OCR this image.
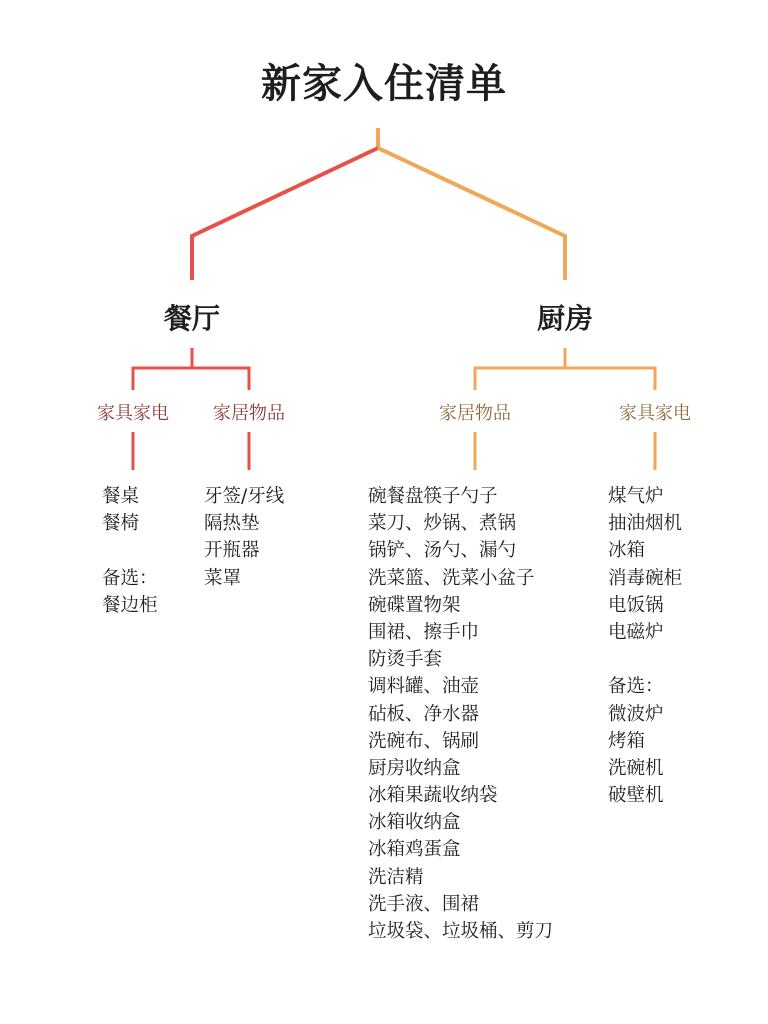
新家入住清单
餐厅	厨房
家具家电	家居物品	家居物品	家具家电
餐桌
餐椅
备选：
餐边柜
牙签/牙线
隔热垫
开瓶器
菜罩
碗餐盘筷子勺子
菜刀、炒锅、煮锅
锅铲、汤勺、漏勺
洗菜篮、洗菜小盆子
碗碟置物架
围裙、擦手巾
防烫手套
调料罐、油壶
砧板、净水器
洗碗布、锅刷
厨房收纳盒
冰箱果蔬收纳袋
冰箱收纳盒
冰箱鸡蛋盒
洗洁精
洗手液、围裙
垃圾袋、垃圾桶、剪刀
煤气炉
抽油烟机
冰箱
消毒碗柜
电饭锅
电磁炉
备选：
微波炉
烤箱
洗碗机
破壁机
